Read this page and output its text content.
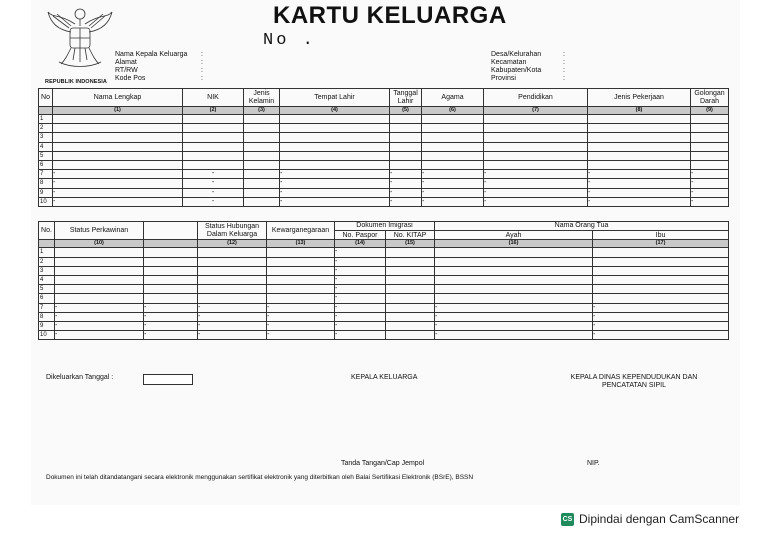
REPUBLIK INDONESIA
KARTU KELUARGA
No .
Nama Kepala Keluarga	:
Alamat	:
RT/RW	:
Kode Pos	:
Desa/Kelurahan	:
Kecamatan	:
Kabupaten/Kota	:
Provinsi	:
No	Nama Lengkap	NIK	Jenis Kelamin	Tempat Lahir	Tanggal Lahir	Agama	Pendidikan	Jenis Pekerjaan	Golongan Darah
	(1)	(2)	(3)	(4)	(5)	(6)	(7)	(8)	(9)
1									
2									
3									
4									
5									
6									
7	-	-		-	-	-	-	-	-
8	-	-		-	-	-	-	-	-
9	-	-		-	-	-	-	-	-
10	-	-		-	-	-	-	-	-
No.	Status Perkawinan		Status Hubungan Dalam Keluarga	Kewarganegaraan	Dokumen Imigrasi		Nama Orang Tua	
					No. Paspor	No. KITAP	Ayah	Ibu
	(10)		(12)	(13)	(14)	(15)	(16)	(17)
1					-			
2					-			
3					-			
4					-			
5					-			
6					-			
7	-	-	-	-	-		-	-
8	-	-	-	-	-		-	-
9	-	-	-	-	-		-	-
10	-	-	-	-	-		-	-
Dikeluarkan Tanggal :	KEPALA KELUARGA	KEPALA DINAS KEPENDUDUKAN DAN
PENCATATAN SIPIL
Tanda Tangan/Cap Jempol	NIP.
Dokumen ini telah ditandatangani secara elektronik menggunakan sertifikat elektronik yang diterbitkan oleh Balai Sertifikasi Elektronik (BSrE), BSSN
CS Dipindai dengan CamScanner
